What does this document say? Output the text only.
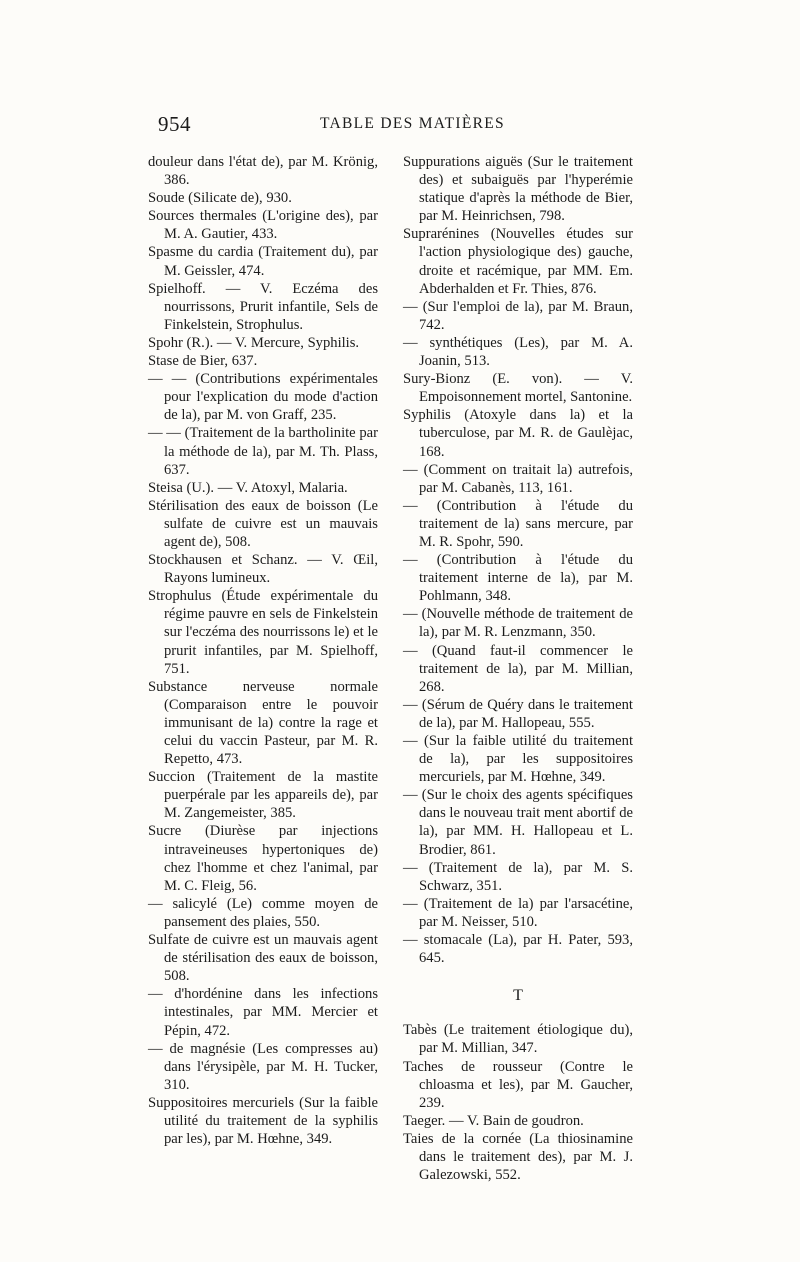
954	TABLE DES MATIÈRES

douleur dans l'état de), par M. Krönig, 386.

Soude (Silicate de), 930.

Sources thermales (L'origine des), par M. A. Gautier, 433.

Spasme du cardia (Traitement du), par M. Geissler, 474.

Spielhoff. — V. Eczéma des nourrissons, Prurit infantile, Sels de Finkelstein, Strophulus.

Spohr (R.). — V. Mercure, Syphilis.

Stase de Bier, 637.

— — (Contributions expérimentales pour l'explication du mode d'action de la), par M. von Graff, 235.

— — (Traitement de la bartholinite par la méthode de la), par M. Th. Plass, 637.

Steisa (U.). — V. Atoxyl, Malaria.

Stérilisation des eaux de boisson (Le sulfate de cuivre est un mauvais agent de), 508.

Stockhausen et Schanz. — V. Œil, Rayons lumineux.

Strophulus (Étude expérimentale du régime pauvre en sels de Finkelstein sur l'eczéma des nourrissons le) et le prurit infantiles, par M. Spielhoff, 751.

Substance nerveuse normale (Comparaison entre le pouvoir immunisant de la) contre la rage et celui du vaccin Pasteur, par M. R. Repetto, 473.

Succion (Traitement de la mastite puerpérale par les appareils de), par M. Zangemeister, 385.

Sucre (Diurèse par injections intraveineuses hypertoniques de) chez l'homme et chez l'animal, par M. C. Fleig, 56.

— salicylé (Le) comme moyen de pansement des plaies, 550.

Sulfate de cuivre est un mauvais agent de stérilisation des eaux de boisson, 508.

— d'hordénine dans les infections intestinales, par MM. Mercier et Pépin, 472.

— de magnésie (Les compresses au) dans l'érysipèle, par M. H. Tucker, 310.

Suppositoires mercuriels (Sur la faible utilité du traitement de la syphilis par les), par M. Hœhne, 349.

Suppurations aiguës (Sur le traitement des) et subaiguës par l'hyperémie statique d'après la méthode de Bier, par M. Heinrichsen, 798.

Suprarénines (Nouvelles études sur l'action physiologique des) gauche, droite et racémique, par MM. Em. Abderhalden et Fr. Thies, 876.

— (Sur l'emploi de la), par M. Braun, 742.

— synthétiques (Les), par M. A. Joanin, 513.

Sury-Bionz (E. von). — V. Empoisonnement mortel, Santonine.

Syphilis (Atoxyle dans la) et la tuberculose, par M. R. de Gaulèjac, 168.

— (Comment on traitait la) autrefois, par M. Cabanès, 113, 161.

— (Contribution à l'étude du traitement de la) sans mercure, par M. R. Spohr, 590.

— (Contribution à l'étude du traitement interne de la), par M. Pohlmann, 348.

— (Nouvelle méthode de traitement de la), par M. R. Lenzmann, 350.

— (Quand faut-il commencer le traitement de la), par M. Millian, 268.

— (Sérum de Quéry dans le traitement de la), par M. Hallopeau, 555.

— (Sur la faible utilité du traitement de la), par les suppositoires mercuriels, par M. Hœhne, 349.

— (Sur le choix des agents spécifiques dans le nouveau trait ment abortif de la), par MM. H. Hallopeau et L. Brodier, 861.

— (Traitement de la), par M. S. Schwarz, 351.

— (Traitement de la) par l'arsacétine, par M. Neisser, 510.

— stomacale (La), par H. Pater, 593, 645.

T

Tabès (Le traitement étiologique du), par M. Millian, 347.

Taches de rousseur (Contre le chloasma et les), par M. Gaucher, 239.

Taeger. — V. Bain de goudron.

Taies de la cornée (La thiosinamine dans le traitement des), par M. J. Galezowski, 552.
